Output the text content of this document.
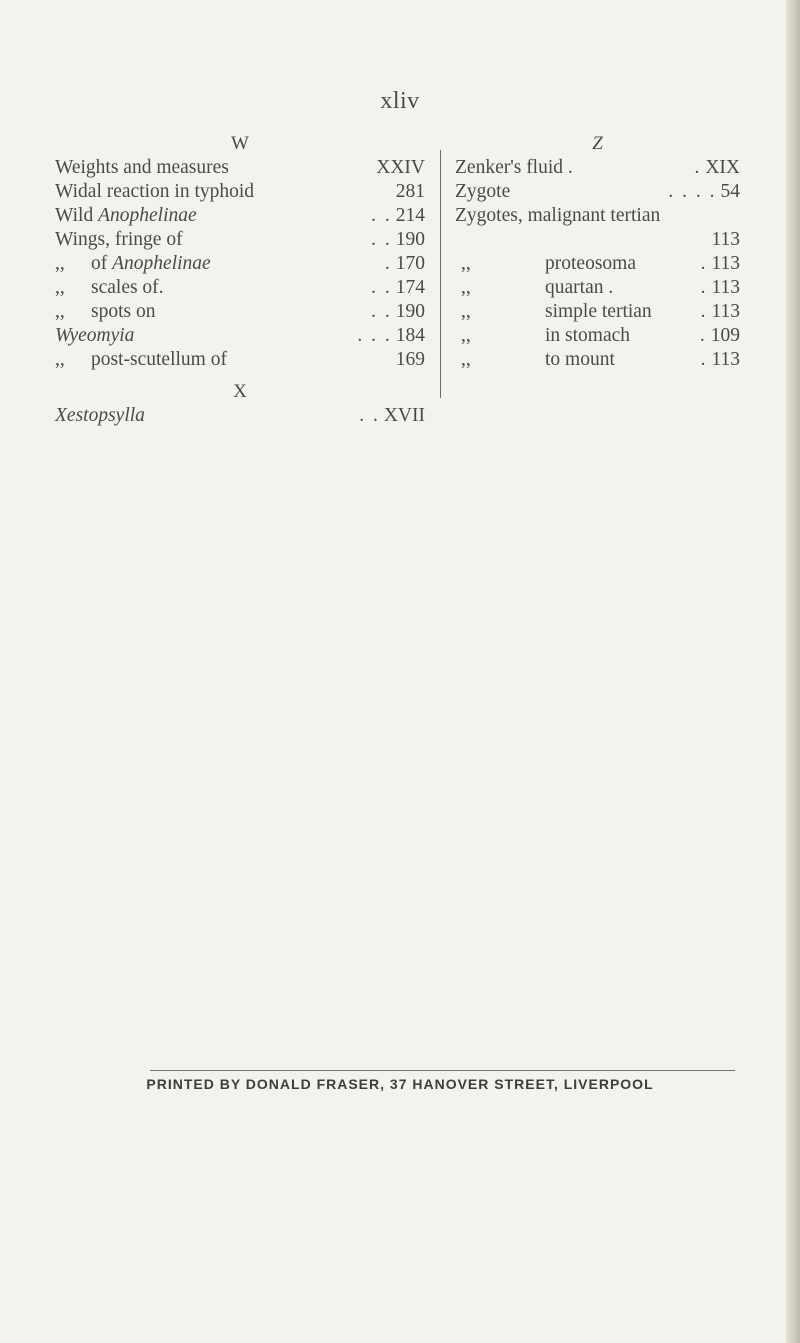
xliv
W
Weights and measures	XXIV
Widal reaction in typhoid	281
Wild Anophelinae	. . 214
Wings, fringe of	. . 190
,, of Anophelinae	. 170
,, scales of.	. . 174
,, spots on	. . 190
Wyeomyia	. . . 184
,, post-scutellum of	169
X
Xestopsylla	. . XVII
Z
Zenker's fluid .	. XIX
Zygote	. . . . 54
Zygotes, malignant tertian
113
,,	proteosoma	. 113
,,	quartan .	. 113
,,	simple tertian	. 113
,,	in stomach	. 109
,,	to mount	. 113
PRINTED BY DONALD FRASER, 37 HANOVER STREET, LIVERPOOL
